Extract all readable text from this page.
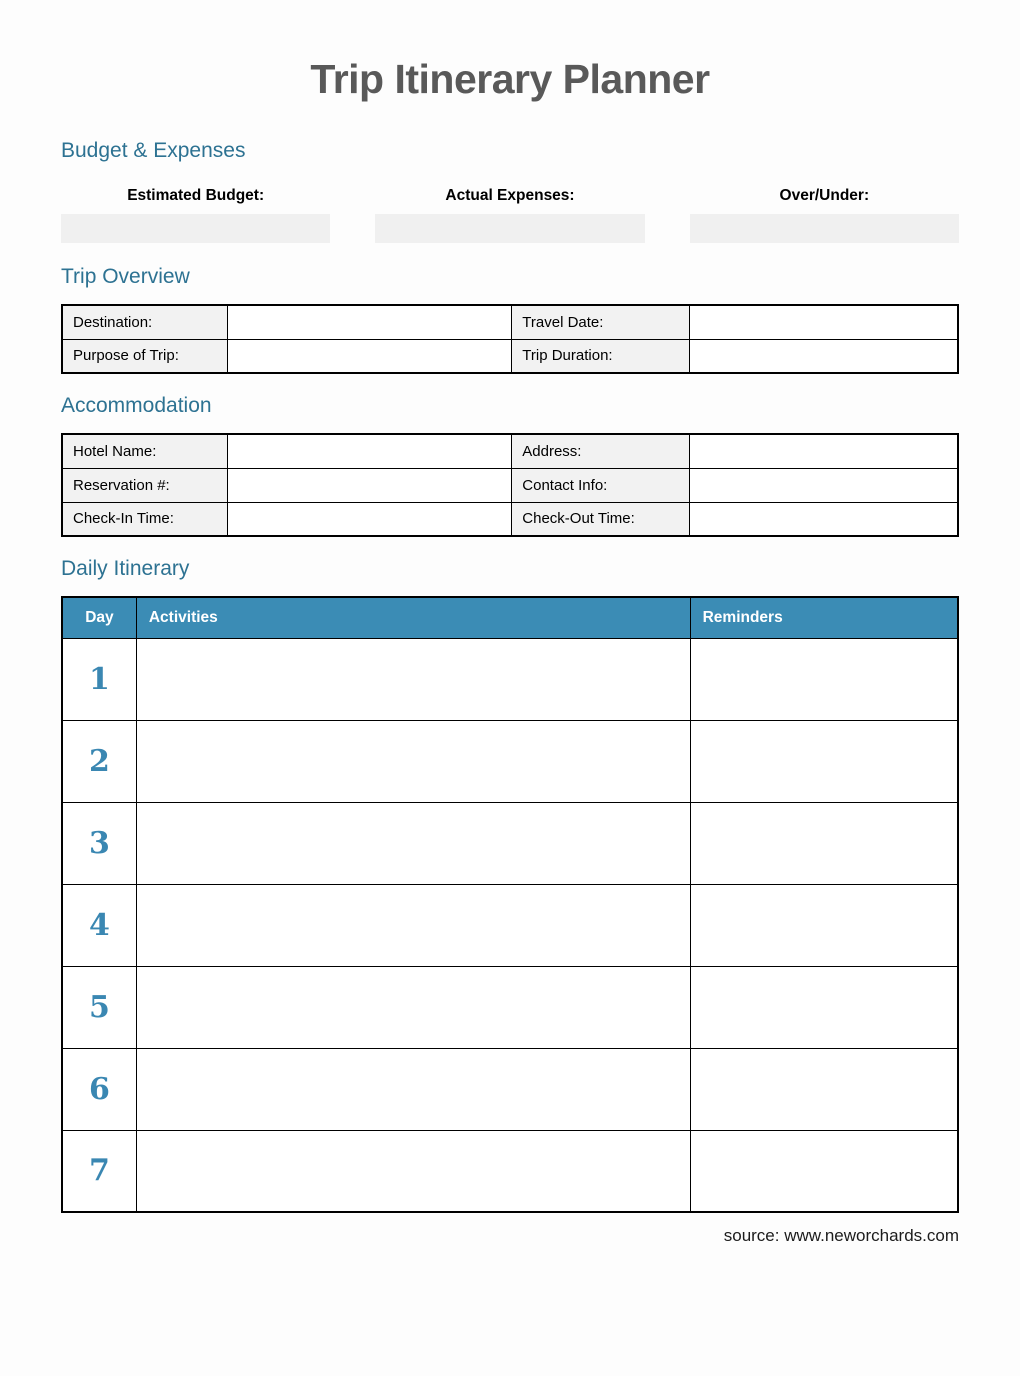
Trip Itinerary Planner
Budget & Expenses
Estimated Budget:	Actual Expenses:	Over/Under:
Trip Overview
Destination:		Travel Date:	
Purpose of Trip:		Trip Duration:	
Accommodation
Hotel Name:		Address:	
Reservation #:		Contact Info:	
Check-In Time:		Check-Out Time:	
Daily Itinerary
Day	Activities	Reminders
1		
2		
3		
4		
5		
6		
7		
source: www.neworchards.com
